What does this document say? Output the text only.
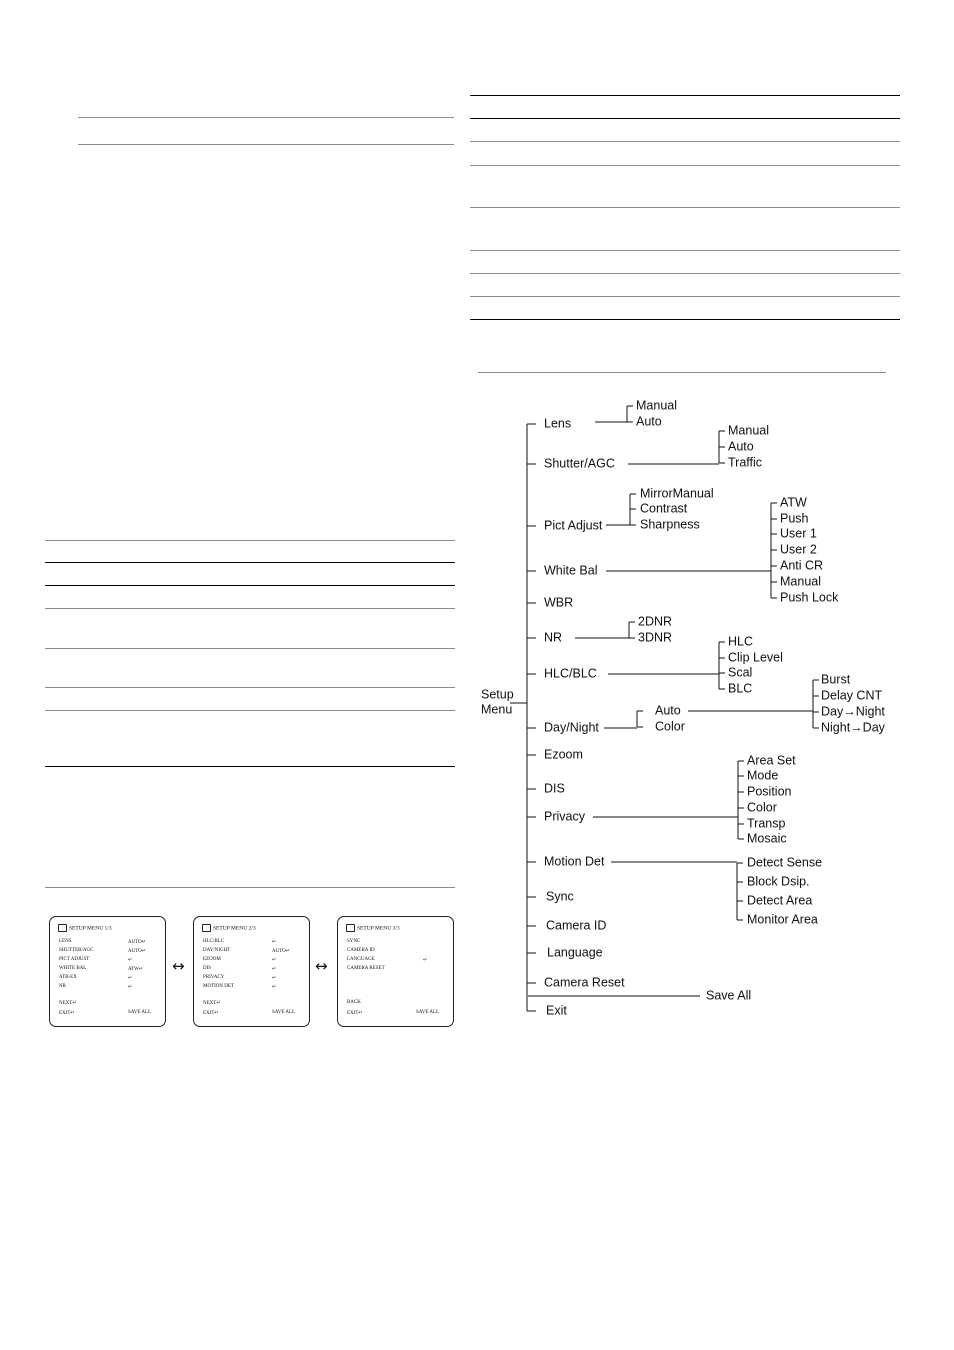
SETUP MENU 1/3
LENS	AUTO↵
SHUTTER/AGC	AUTO↵
PICT ADJUST	↵
WHITE BAL	ATW↵
ATR-EX	↵
NR	↵
NEXT↵
EXIT↵	SAVE ALL
SETUP MENU 2/3
HLC/BLC	↵
DAY/NIGHT	AUTO↵
EZOOM	↵
DIS	↵
PRIVACY	↵
MOTION DET	↵
NEXT↵
EXIT↵	SAVE ALL
SETUP MENU 3/3
SYNC
CAMERA ID
LANGUAGE	↵
CAMERA RESET
BACK
EXIT↵	SAVE ALL
↔	↔
Setup
Menu
Lens
Manual
Auto
Shutter/AGC
Manual
Auto
Traffic
Pict Adjust
MirrorManual
Contrast
Sharpness
White Bal
ATW
Push
User 1
User 2
Anti CR
Manual
Push Lock
WBR
NR
2DNR
3DNR
HLC/BLC
HLC
Clip Level
Scal
BLC
Day/Night
Auto
Color
Burst
Delay CNT
Day→Night
Night→Day
Ezoom
DIS
Privacy
Area Set
Mode
Position
Color
Transp
Mosaic
Motion Det	Detect Sense
Block Dsip.
Detect Area
Monitor Area
Sync
Camera ID
Language
Camera Reset
Save All
Exit
